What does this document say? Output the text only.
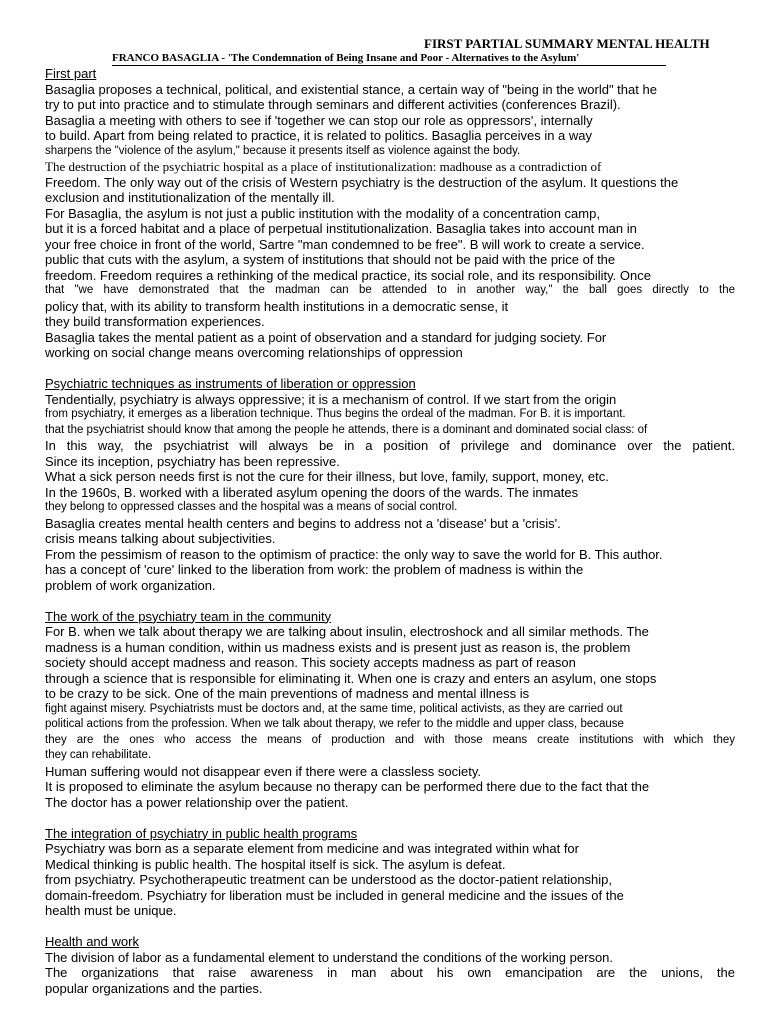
FIRST PARTIAL SUMMARY MENTAL HEALTH
FRANCO BASAGLIA - 'The Condemnation of Being Insane and Poor - Alternatives to the Asylum'

First part

Basaglia proposes a technical, political, and existential stance, a certain way of "being in the world" that he

try to put into practice and to stimulate through seminars and different activities (conferences Brazil).

Basaglia a meeting with others to see if 'together we can stop our role as oppressors', internally

to build. Apart from being related to practice, it is related to politics. Basaglia perceives in a way

sharpens the "violence of the asylum," because it presents itself as violence against the body.

The destruction of the psychiatric hospital as a place of institutionalization: madhouse as a contradiction of

Freedom. The only way out of the crisis of Western psychiatry is the destruction of the asylum. It questions the

exclusion and institutionalization of the mentally ill.

For Basaglia, the asylum is not just a public institution with the modality of a concentration camp,

but it is a forced habitat and a place of perpetual institutionalization. Basaglia takes into account man in

your free choice in front of the world, Sartre "man condemned to be free". B will work to create a service.

public that cuts with the asylum, a system of institutions that should not be paid with the price of the

freedom. Freedom requires a rethinking of the medical practice, its social role, and its responsibility. Once

that "we have demonstrated that the madman can be attended to in another way," the ball goes directly to the

policy that, with its ability to transform health institutions in a democratic sense, it

they build transformation experiences.

Basaglia takes the mental patient as a point of observation and a standard for judging society. For

working on social change means overcoming relationships of oppression

Psychiatric techniques as instruments of liberation or oppression

Tendentially, psychiatry is always oppressive; it is a mechanism of control. If we start from the origin

from psychiatry, it emerges as a liberation technique. Thus begins the ordeal of the madman. For B. it is important.

that the psychiatrist should know that among the people he attends, there is a dominant and dominated social class: of

In this way, the psychiatrist will always be in a position of privilege and dominance over the patient.

Since its inception, psychiatry has been repressive.

What a sick person needs first is not the cure for their illness, but love, family, support, money, etc.

In the 1960s, B. worked with a liberated asylum opening the doors of the wards. The inmates

they belong to oppressed classes and the hospital was a means of social control.

Basaglia creates mental health centers and begins to address not a 'disease' but a 'crisis'.

crisis means talking about subjectivities.

From the pessimism of reason to the optimism of practice: the only way to save the world for B. This author.

has a concept of 'cure' linked to the liberation from work: the problem of madness is within the

problem of work organization.

The work of the psychiatry team in the community

For B. when we talk about therapy we are talking about insulin, electroshock and all similar methods. The

madness is a human condition, within us madness exists and is present just as reason is, the problem

society should accept madness and reason. This society accepts madness as part of reason

through a science that is responsible for eliminating it. When one is crazy and enters an asylum, one stops

to be crazy to be sick. One of the main preventions of madness and mental illness is

fight against misery. Psychiatrists must be doctors and, at the same time, political activists, as they are carried out

political actions from the profession. When we talk about therapy, we refer to the middle and upper class, because

they are the ones who access the means of production and with those means create institutions with which they

they can rehabilitate.

Human suffering would not disappear even if there were a classless society.

It is proposed to eliminate the asylum because no therapy can be performed there due to the fact that the

The doctor has a power relationship over the patient.

The integration of psychiatry in public health programs

Psychiatry was born as a separate element from medicine and was integrated within what for

Medical thinking is public health. The hospital itself is sick. The asylum is defeat.

from psychiatry. Psychotherapeutic treatment can be understood as the doctor-patient relationship,

domain-freedom. Psychiatry for liberation must be included in general medicine and the issues of the

health must be unique.

Health and work

The division of labor as a fundamental element to understand the conditions of the working person.

The organizations that raise awareness in man about his own emancipation are the unions, the

popular organizations and the parties.
